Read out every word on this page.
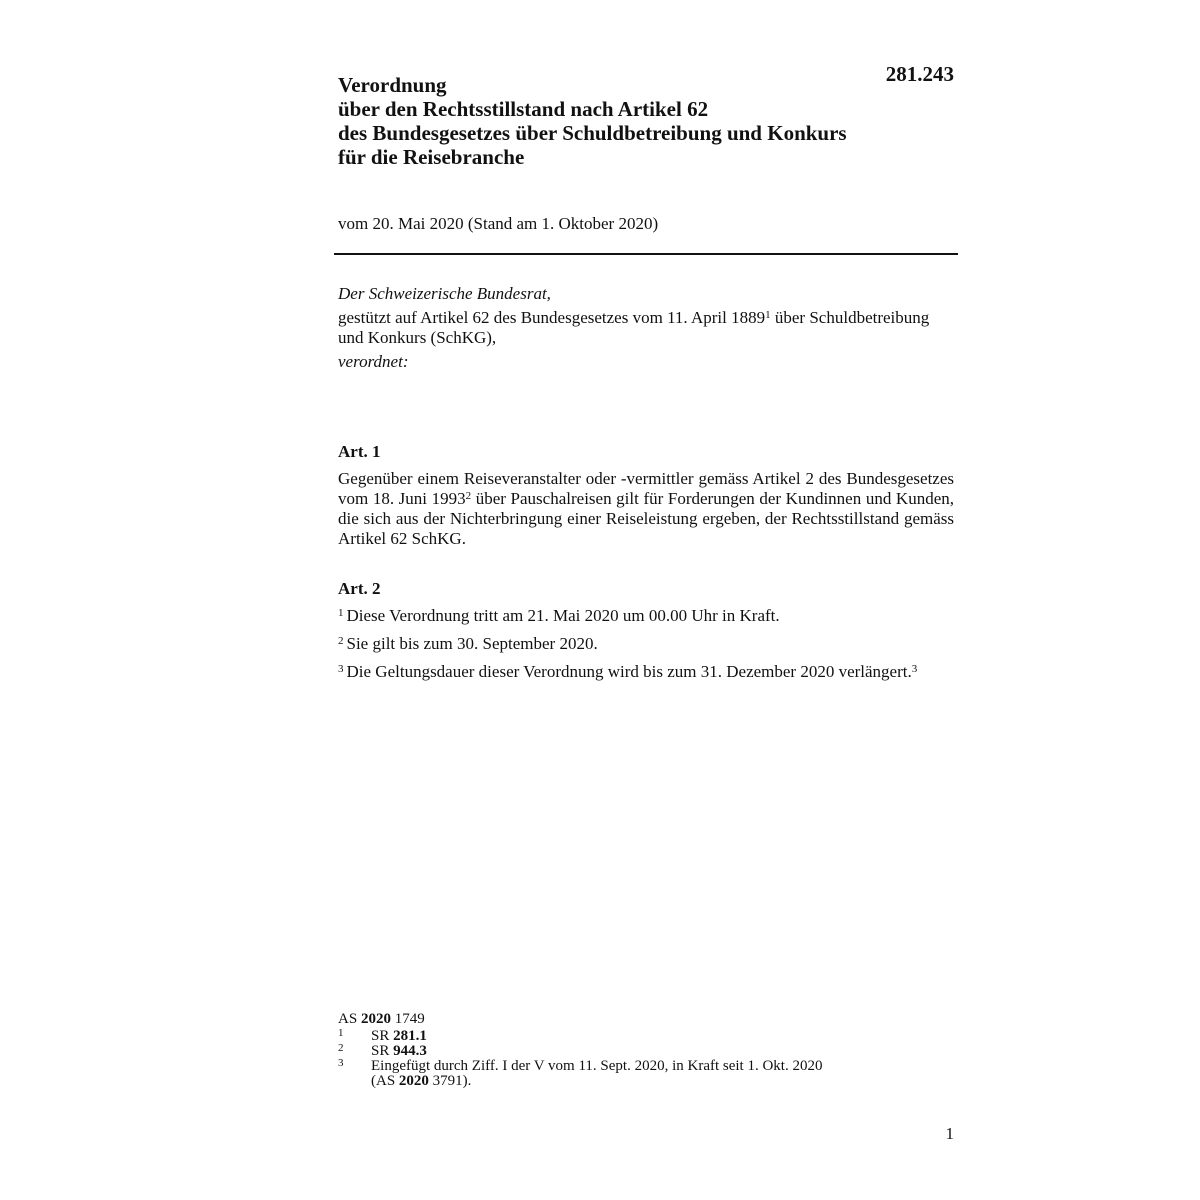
281.243
Verordnung
über den Rechtsstillstand nach Artikel 62
des Bundesgesetzes über Schuldbetreibung und Konkurs
für die Reisebranche
vom 20. Mai 2020 (Stand am 1. Oktober 2020)
Der Schweizerische Bundesrat,
gestützt auf Artikel 62 des Bundesgesetzes vom 11. April 1889$^1$ über Schuldbetreibung und Konkurs (SchKG),
verordnet:
Art. 1
Gegenüber einem Reiseveranstalter oder -vermittler gemäss Artikel 2 des Bundesgesetzes vom 18. Juni 1993$^2$ über Pauschalreisen gilt für Forderungen der Kundinnen und Kunden, die sich aus der Nichterbringung einer Reiseleistung ergeben, der Rechtsstillstand gemäss Artikel 62 SchKG.
Art. 2
$^1$ Diese Verordnung tritt am 21. Mai 2020 um 00.00 Uhr in Kraft.
$^2$ Sie gilt bis zum 30. September 2020.
$^3$ Die Geltungsdauer dieser Verordnung wird bis zum 31. Dezember 2020 verlängert.$^3$
AS 2020 1749
1 SR 281.1
2 SR 944.3
3 Eingefügt durch Ziff. I der V vom 11. Sept. 2020, in Kraft seit 1. Okt. 2020
(AS 2020 3791).
1
